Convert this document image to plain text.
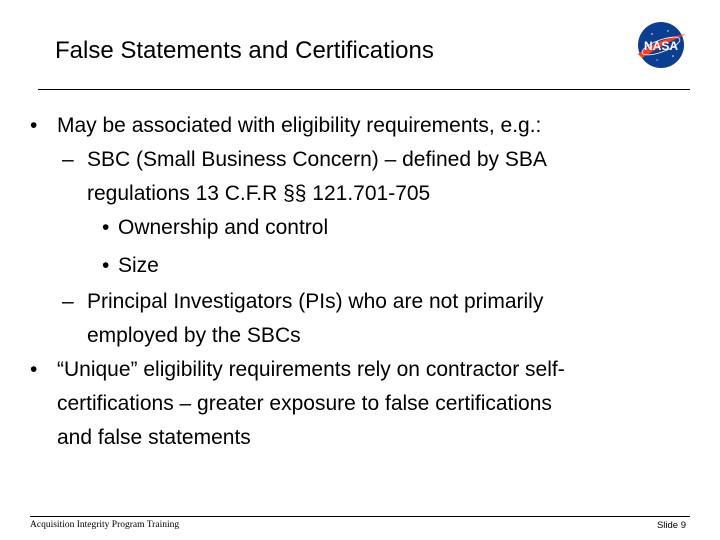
False Statements and Certifications	NASA
• May be associated with eligibility requirements, e.g.:
– SBC (Small Business Concern) – defined by SBA
regulations 13 C.F.R §§ 121.701-705
• Ownership and control
• Size
– Principal Investigators (PIs) who are not primarily
employed by the SBCs
• “Unique” eligibility requirements rely on contractor self-
certifications – greater exposure to false certifications
and false statements
Acquisition Integrity Program Training	Slide 9
